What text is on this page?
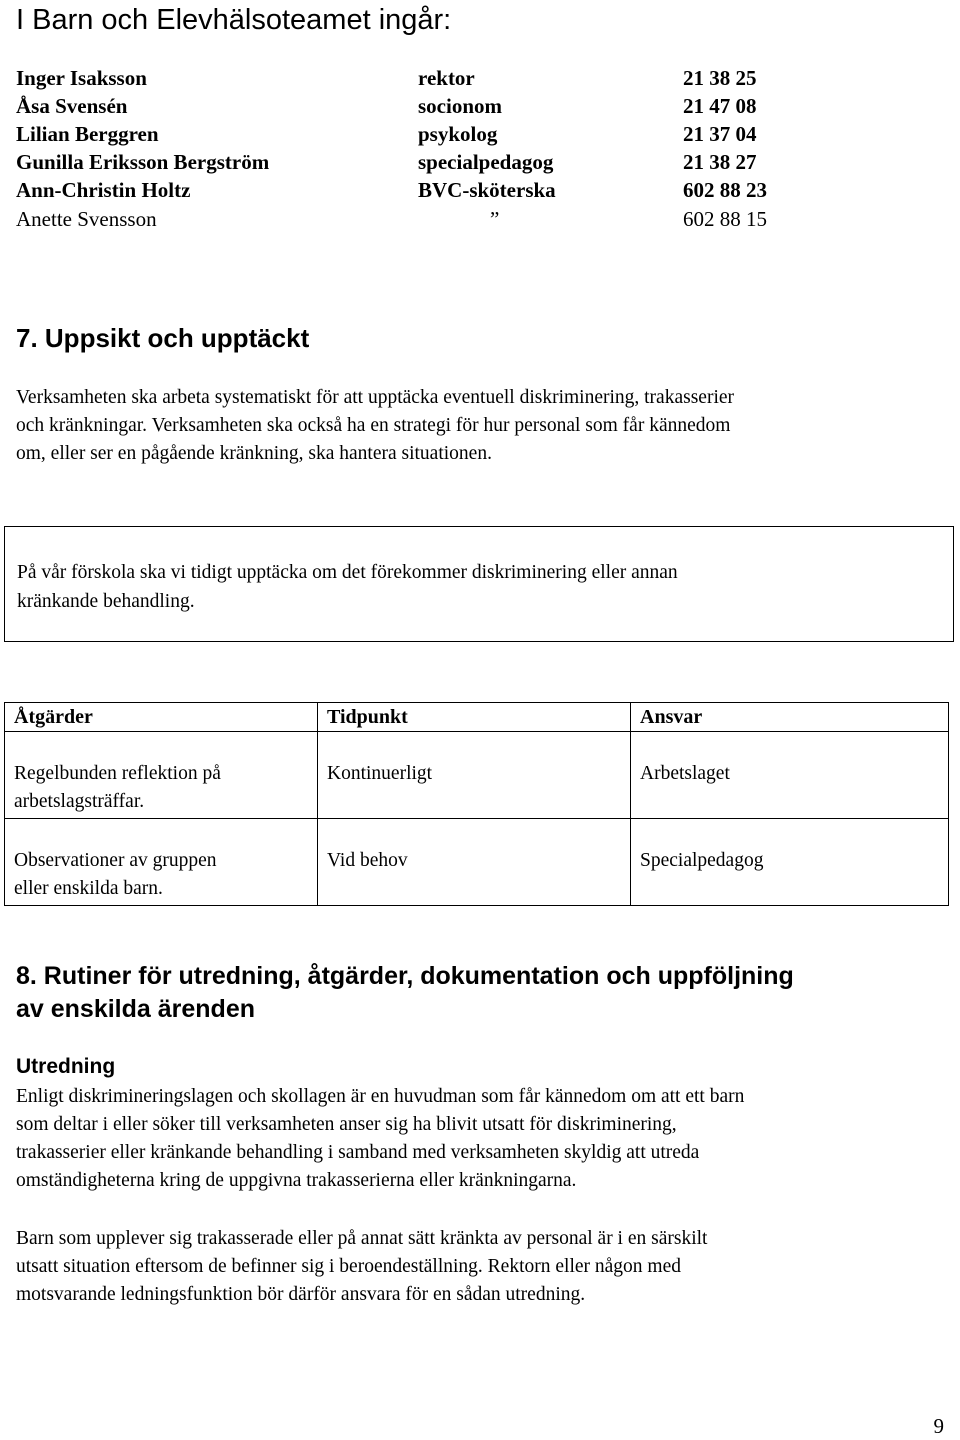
I Barn och Elevhälsoteamet ingår:
Inger Isaksson	rektor	21 38 25
Åsa Svensén	socionom	21 47 08
Lilian Berggren	psykolog	21 37 04
Gunilla Eriksson Bergström	specialpedagog	21 38 27
Ann-Christin Holtz	BVC-sköterska	602 88 23
Anette Svensson	”	602 88 15
7. Uppsikt och upptäckt

Verksamheten ska arbeta systematiskt för att upptäcka eventuell diskriminering, trakasserier

och kränkningar. Verksamheten ska också ha en strategi för hur personal som får kännedom

om, eller ser en pågående kränkning, ska hantera situationen.

På vår förskola ska vi tidigt upptäcka om det förekommer diskriminering eller annan
kränkande behandling.

Åtgärder	Tidpunkt	Ansvar
Regelbunden reflektion på
arbetslagsträffar.	Kontinuerligt	Arbetslaget
Observationer av gruppen
eller enskilda barn.	Vid behov	Specialpedagog
8. Rutiner för utredning, åtgärder, dokumentation och uppföljning
av enskilda ärenden
Utredning

Enligt diskrimineringslagen och skollagen är en huvudman som får kännedom om att ett barn

som deltar i eller söker till verksamheten anser sig ha blivit utsatt för diskriminering,

trakasserier eller kränkande behandling i samband med verksamheten skyldig att utreda

omständigheterna kring de uppgivna trakasserierna eller kränkningarna.

Barn som upplever sig trakasserade eller på annat sätt kränkta av personal är i en särskilt

utsatt situation eftersom de befinner sig i beroendeställning. Rektorn eller någon med

motsvarande ledningsfunktion bör därför ansvara för en sådan utredning.

9
